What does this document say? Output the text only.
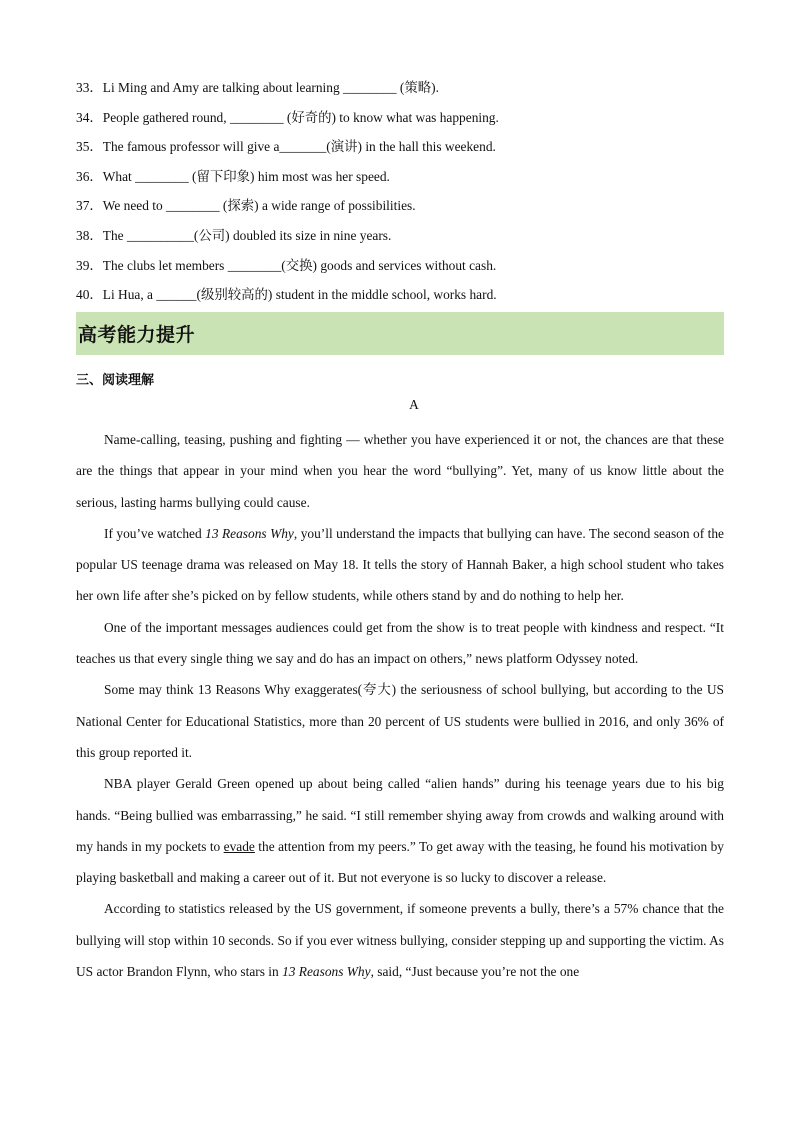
33．Li Ming and Amy are talking about learning ________ (策略).
34．People gathered round, ________ (好奇的) to know what was happening.
35．The famous professor will give a_______(演讲) in the hall this weekend.
36．What ________ (留下印象) him most was her speed.
37．We need to ________ (探索) a wide range of possibilities.
38．The __________(公司) doubled its size in nine years.
39．The clubs let members ________(交换) goods and services without cash.
40．Li Hua, a ______(级别较高的) student in the middle school, works hard.
高考能力提升
三、阅读理解
A

Name-calling, teasing, pushing and fighting — whether you have experienced it or not, the chances are that these are the things that appear in your mind when you hear the word “bullying”. Yet, many of us know little about the serious, lasting harms bullying could cause.

If you’ve watched 13 Reasons Why, you’ll understand the impacts that bullying can have. The second season of the popular US teenage drama was released on May 18. It tells the story of Hannah Baker, a high school student who takes her own life after she’s picked on by fellow students, while others stand by and do nothing to help her.

One of the important messages audiences could get from the show is to treat people with kindness and respect. “It teaches us that every single thing we say and do has an impact on others,” news platform Odyssey noted.

Some may think 13 Reasons Why exaggerates(夸大) the seriousness of school bullying, but according to the US National Center for Educational Statistics, more than 20 percent of US students were bullied in 2016, and only 36% of this group reported it.

NBA player Gerald Green opened up about being called “alien hands” during his teenage years due to his big hands. “Being bullied was embarrassing,” he said. “I still remember shying away from crowds and walking around with my hands in my pockets to evade the attention from my peers.” To get away with the teasing, he found his motivation by playing basketball and making a career out of it. But not everyone is so lucky to discover a release.

According to statistics released by the US government, if someone prevents a bully, there’s a 57% chance that the bullying will stop within 10 seconds. So if you ever witness bullying, consider stepping up and supporting the victim. As US actor Brandon Flynn, who stars in 13 Reasons Why, said, “Just because you’re not the one
